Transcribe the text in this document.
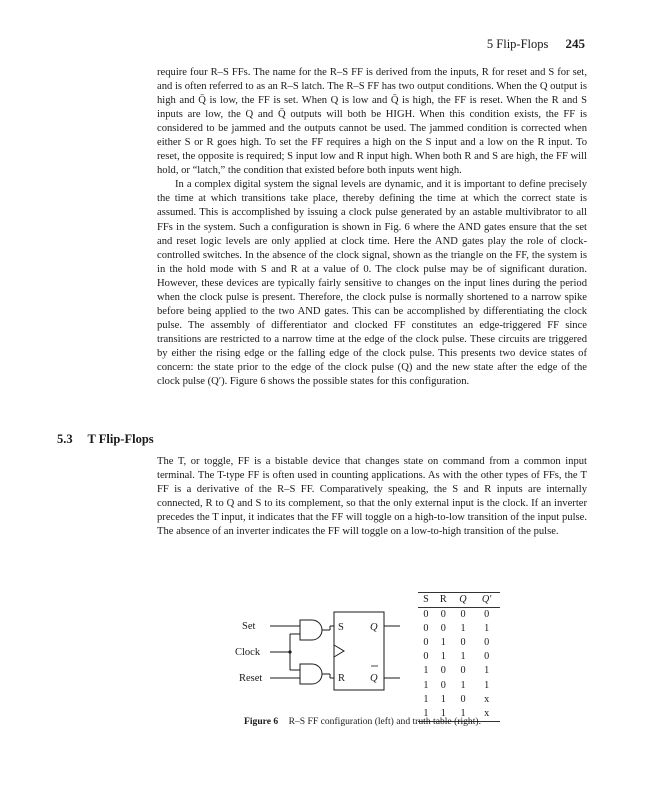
5 Flip-Flops 245

require four R–S FFs. The name for the R–S FF is derived from the inputs, R for reset and S for set, and is often referred to as an R–S latch. The R–S FF has two output conditions. When the Q output is high and Q̄ is low, the FF is set. When Q is low and Q̄ is high, the FF is reset. When the R and S inputs are low, the Q and Q̄ outputs will both be HIGH. When this condition exists, the FF is considered to be jammed and the outputs cannot be used. The jammed condition is corrected when either S or R goes high. To set the FF requires a high on the S input and a low on the R input. To reset, the opposite is required; S input low and R input high. When both R and S are high, the FF will hold, or “latch,” the condition that existed before both inputs went high.

In a complex digital system the signal levels are dynamic, and it is important to define precisely the time at which transitions take place, thereby defining the time at which the correct state is assumed. This is accomplished by issuing a clock pulse generated by an astable multivibrator to all FFs in the system. Such a configuration is shown in Fig. 6 where the AND gates ensure that the set and reset logic levels are only applied at clock time. Here the AND gates play the role of clock-controlled switches. In the absence of the clock signal, shown as the triangle on the FF, the system is in the hold mode with S and R at a value of 0. The clock pulse may be of significant duration. However, these devices are typically fairly sensitive to changes on the input lines during the period when the clock pulse is present. Therefore, the clock pulse is normally shortened to a narrow spike before being applied to the two AND gates. This can be accomplished by differentiating the clock pulse. The assembly of differentiator and clocked FF constitutes an edge-triggered FF since transitions are restricted to a narrow time at the edge of the clock pulse. These circuits are triggered by either the rising edge or the falling edge of the clock pulse. This presents two device states of concern: the state prior to the edge of the clock pulse (Q) and the new state after the edge of the clock pulse (Q′). Figure 6 shows the possible states for this configuration.

5.3 T Flip-Flops

The T, or toggle, FF is a bistable device that changes state on command from a common input terminal. The T-type FF is often used in counting applications. As with the other types of FFs, the T FF is a derivative of the R–S FF. Comparatively speaking, the S and R inputs are internally connected, R to Q and S to its complement, so that the only external input is the clock. If an inverter precedes the T input, it indicates that the FF will toggle on a high-to-low transition of the input pulse. The absence of an inverter indicates the FF will toggle on a low-to-high transition of the pulse.

Set
Clock
Reset
S
R
Q
Q
S	R	Q	Q′
0	0	0	0
0	0	1	1
0	1	0	0
0	1	1	0
1	0	0	1
1	0	1	1
1	1	0	x
1	1	1	x
Figure 6 R–S FF configuration (left) and truth table (right).
